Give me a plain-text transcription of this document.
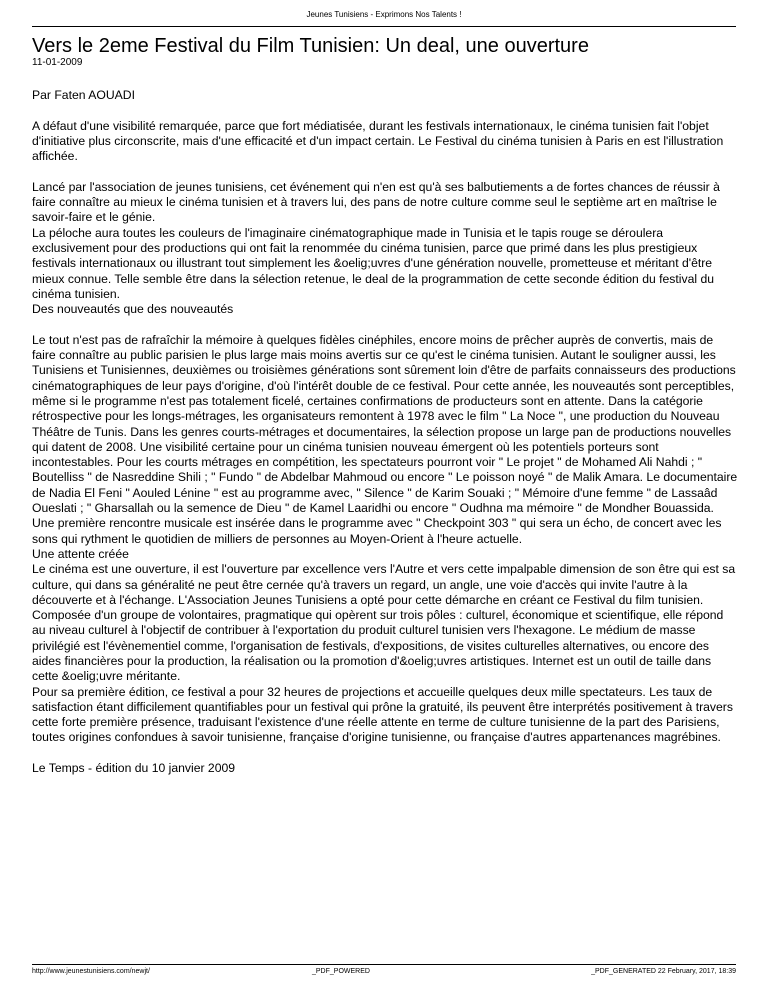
Jeunes Tunisiens - Exprimons Nos Talents !
Vers le 2eme Festival du Film Tunisien: Un deal, une ouverture
11-01-2009

Par Faten AOUADI

A défaut d'une visibilité remarquée, parce que fort médiatisée, durant les festivals internationaux, le cinéma tunisien fait l'objet d'initiative plus circonscrite, mais d'une efficacité et d'un impact certain. Le Festival du cinéma tunisien à Paris en est l'illustration affichée.

Lancé par l'association de jeunes tunisiens, cet événement qui n'en est qu'à ses balbutiements a de fortes chances de réussir à faire connaître au mieux le cinéma tunisien et à travers lui, des pans de notre culture comme seul le septième art en maîtrise le savoir-faire et le génie.
La péloche aura toutes les couleurs de l'imaginaire cinématographique made in Tunisia et le tapis rouge se déroulera exclusivement pour des productions qui ont fait la renommée du cinéma tunisien, parce que primé dans les plus prestigieux festivals internationaux ou illustrant tout simplement les &oelig;uvres d'une génération nouvelle, prometteuse et méritant d'être mieux connue. Telle semble être dans la sélection retenue, le deal de la programmation de cette seconde édition du festival du cinéma tunisien.
Des nouveautés que des nouveautés

Le tout n'est pas de rafraîchir la mémoire à quelques fidèles cinéphiles, encore moins de prêcher auprès de convertis, mais de faire connaître au public parisien le plus large mais moins avertis sur ce qu'est le cinéma tunisien. Autant le souligner aussi, les Tunisiens et Tunisiennes, deuxièmes ou troisièmes générations sont sûrement loin d'être de parfaits connaisseurs des productions cinématographiques de leur pays d'origine, d'où l'intérêt double de ce festival. Pour cette année, les nouveautés sont perceptibles, même si le programme n'est pas totalement ficelé, certaines confirmations de producteurs sont en attente. Dans la catégorie rétrospective pour les longs-métrages, les organisateurs remontent à 1978 avec le film " La Noce ", une production du Nouveau Théâtre de Tunis. Dans les genres courts-métrages et documentaires, la sélection propose un large pan de productions nouvelles qui datent de 2008. Une visibilité certaine pour un cinéma tunisien nouveau émergent où les potentiels porteurs sont incontestables. Pour les courts métrages en compétition, les spectateurs pourront voir " Le projet " de Mohamed Ali Nahdi ; " Boutelliss " de Nasreddine Shili ; " Fundo " de Abdelbar Mahmoud ou encore " Le poisson noyé " de Malik Amara. Le documentaire de Nadia El Feni " Aouled Lénine " est au programme avec, " Silence " de Karim Souaki ; " Mémoire d'une femme " de Lassaâd Oueslati ; " Gharsallah ou la semence de Dieu " de Kamel Laaridhi ou encore " Oudhna ma mémoire " de Mondher Bouassida. Une première rencontre musicale est insérée dans le programme avec " Checkpoint 303 " qui sera un écho, de concert avec les sons qui rythment le quotidien de milliers de personnes au Moyen-Orient à l'heure actuelle.
Une attente créée
Le cinéma est une ouverture, il est l'ouverture par excellence vers l'Autre et vers cette impalpable dimension de son être qui est sa culture, qui dans sa généralité ne peut être cernée qu'à travers un regard, un angle, une voie d'accès qui invite l'autre à la découverte et à l'échange. L'Association Jeunes Tunisiens a opté pour cette démarche en créant ce Festival du film tunisien. Composée d'un groupe de volontaires, pragmatique qui opèrent sur trois pôles : culturel, économique et scientifique, elle répond au niveau culturel à l'objectif de contribuer à l'exportation du produit culturel tunisien vers l'hexagone. Le médium de masse privilégié est l'évènementiel comme, l'organisation de festivals, d'expositions, de visites culturelles alternatives, ou encore des aides financières pour la production, la réalisation ou la promotion d'&oelig;uvres artistiques. Internet est un outil de taille dans cette &oelig;uvre méritante.
Pour sa première édition, ce festival a pour 32 heures de projections et accueille quelques deux mille spectateurs. Les taux de satisfaction étant difficilement quantifiables pour un festival qui prône la gratuité, ils peuvent être interprétés positivement à travers cette forte première présence, traduisant l'existence d'une réelle attente en terme de culture tunisienne de la part des Parisiens, toutes origines confondues à savoir tunisienne, française d'origine tunisienne, ou française d'autres appartenances magrébines.

Le Temps - édition du 10 janvier 2009

http://www.jeunestunisiens.com/newjt/	_PDF_POWERED	_PDF_GENERATED 22 February, 2017, 18:39
